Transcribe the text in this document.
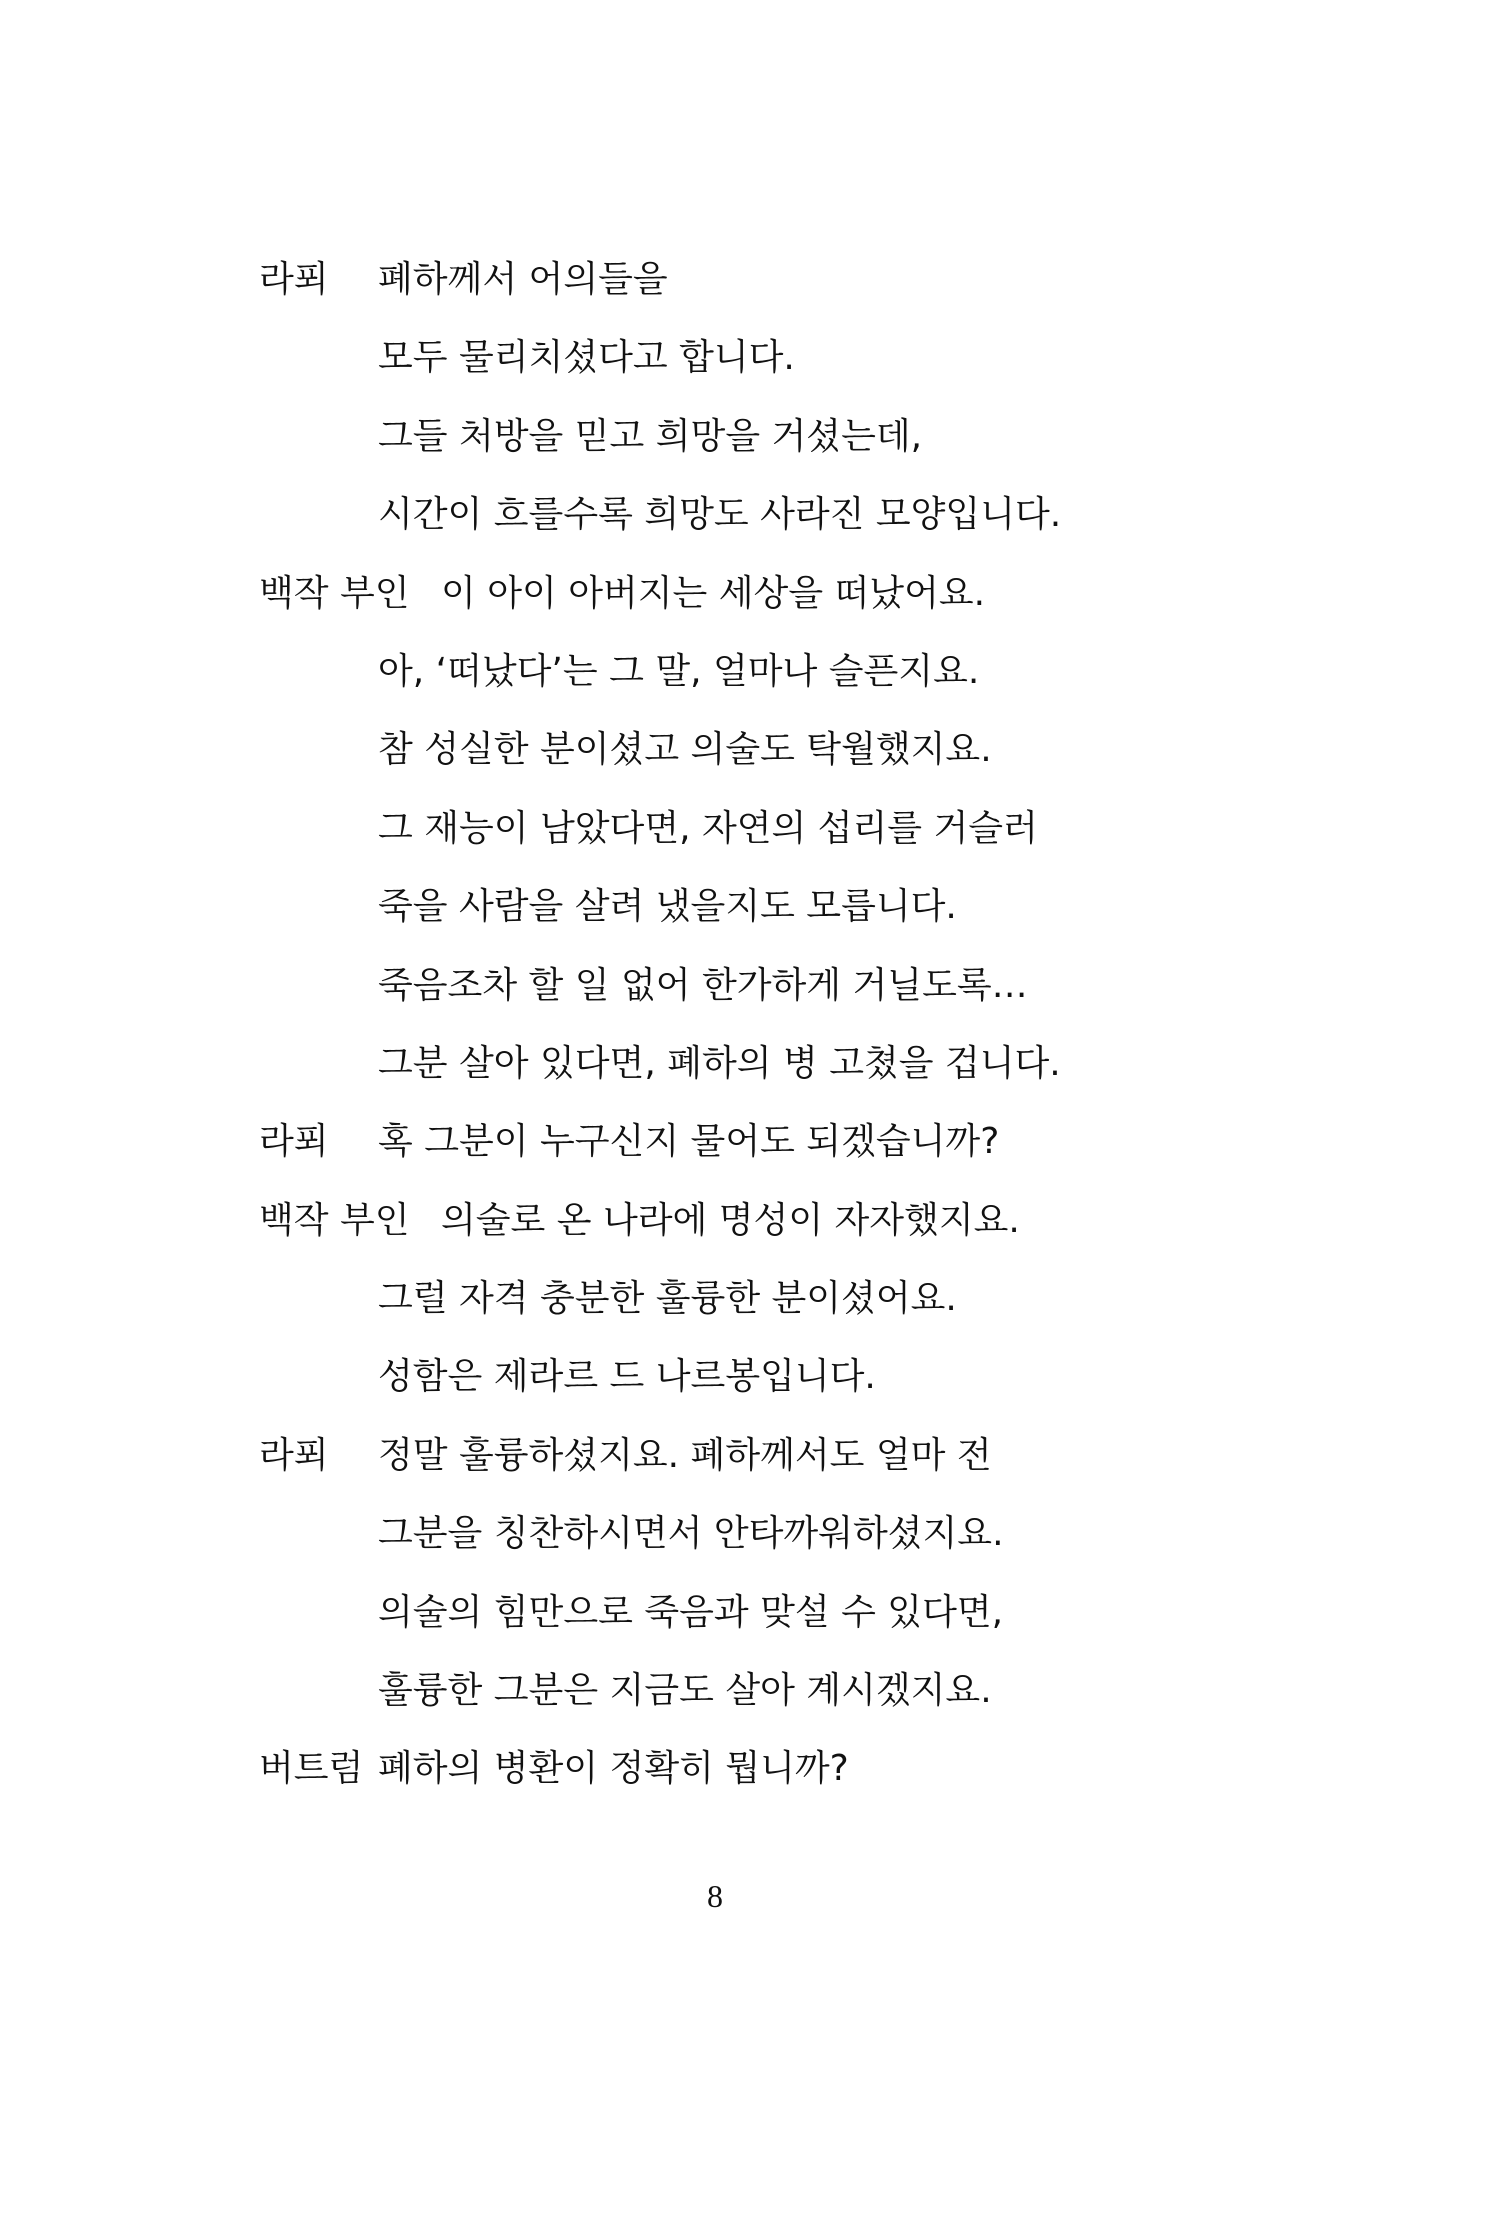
라푀 폐하께서 어의들을
모두 물리치셨다고 합니다.
그들 처방을 믿고 희망을 거셨는데,
시간이 흐를수록 희망도 사라진 모양입니다.
백작 부인 이 아이 아버지는 세상을 떠났어요.
아, ‘떠났다’는 그 말, 얼마나 슬픈지요.
참 성실한 분이셨고 의술도 탁월했지요.
그 재능이 남았다면, 자연의 섭리를 거슬러
죽을 사람을 살려 냈을지도 모릅니다.
죽음조차 할 일 없어 한가하게 거닐도록…
그분 살아 있다면, 폐하의 병 고쳤을 겁니다.
라푀 혹 그분이 누구신지 물어도 되겠습니까?
백작 부인 의술로 온 나라에 명성이 자자했지요.
그럴 자격 충분한 훌륭한 분이셨어요.
성함은 제라르 드 나르봉입니다.
라푀 정말 훌륭하셨지요. 폐하께서도 얼마 전
그분을 칭찬하시면서 안타까워하셨지요.
의술의 힘만으로 죽음과 맞설 수 있다면,
훌륭한 그분은 지금도 살아 계시겠지요.
버트럼 폐하의 병환이 정확히 뭡니까?
8
